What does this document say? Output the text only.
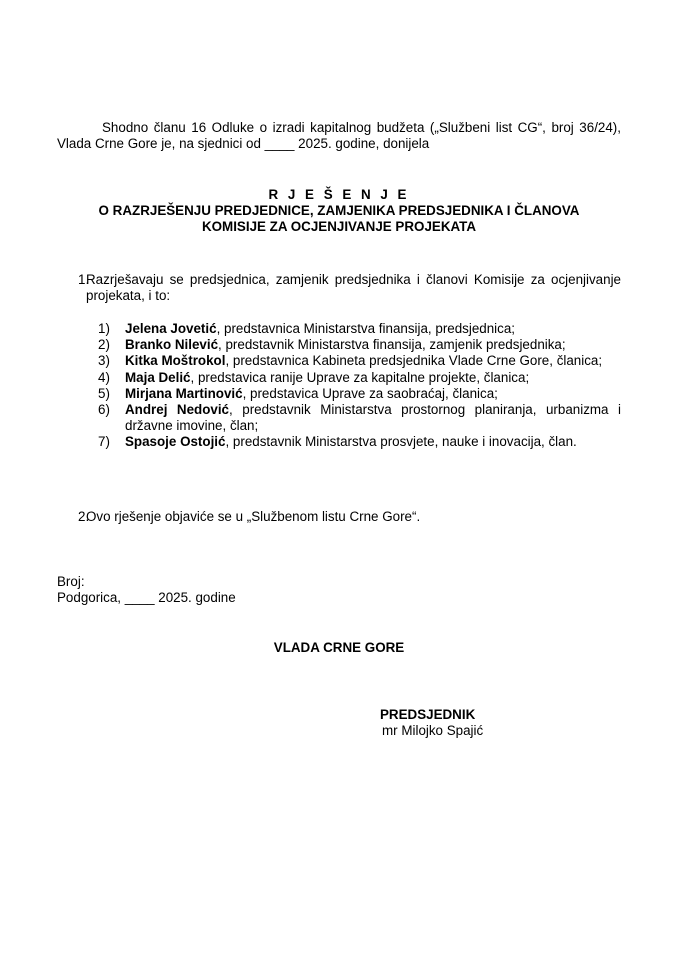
Shodno članu 16 Odluke o izradi kapitalnog budžeta („Službeni list CG“, broj 36/24), Vlada Crne Gore je, na sjednici od ____ 2025. godine, donijela
R J E Š E N J E
O RAZRJEŠENJU PREDJEDNICE, ZAMJENIKA PREDSJEDNIKA I ČLANOVA
KOMISIJE ZA OCJENJIVANJE PROJEKATA
1.
Razrješavaju se predsjednica, zamjenik predsjednika i članovi Komisije za ocjenjivanje projekata, i to:
1) Jelena Jovetić, predstavnica Ministarstva finansija, predsjednica;
2) Branko Nilević, predstavnik Ministarstva finansija, zamjenik predsjednika;
3) Kitka Moštrokol, predstavnica Kabineta predsjednika Vlade Crne Gore, članica;
4) Maja Delić, predstavica ranije Uprave za kapitalne projekte, članica;
5) Mirjana Martinović, predstavica Uprave za saobraćaj, članica;
6) Andrej Nedović, predstavnik Ministarstva prostornog planiranja, urbanizma i državne imovine, član;
7) Spasoje Ostojić, predstavnik Ministarstva prosvjete, nauke i inovacija, član.
2.
Ovo rješenje objaviće se u „Službenom listu Crne Gore“.
Broj:
Podgorica, ____ 2025. godine
VLADA CRNE GORE
PREDSJEDNIK
mr Milojko Spajić
